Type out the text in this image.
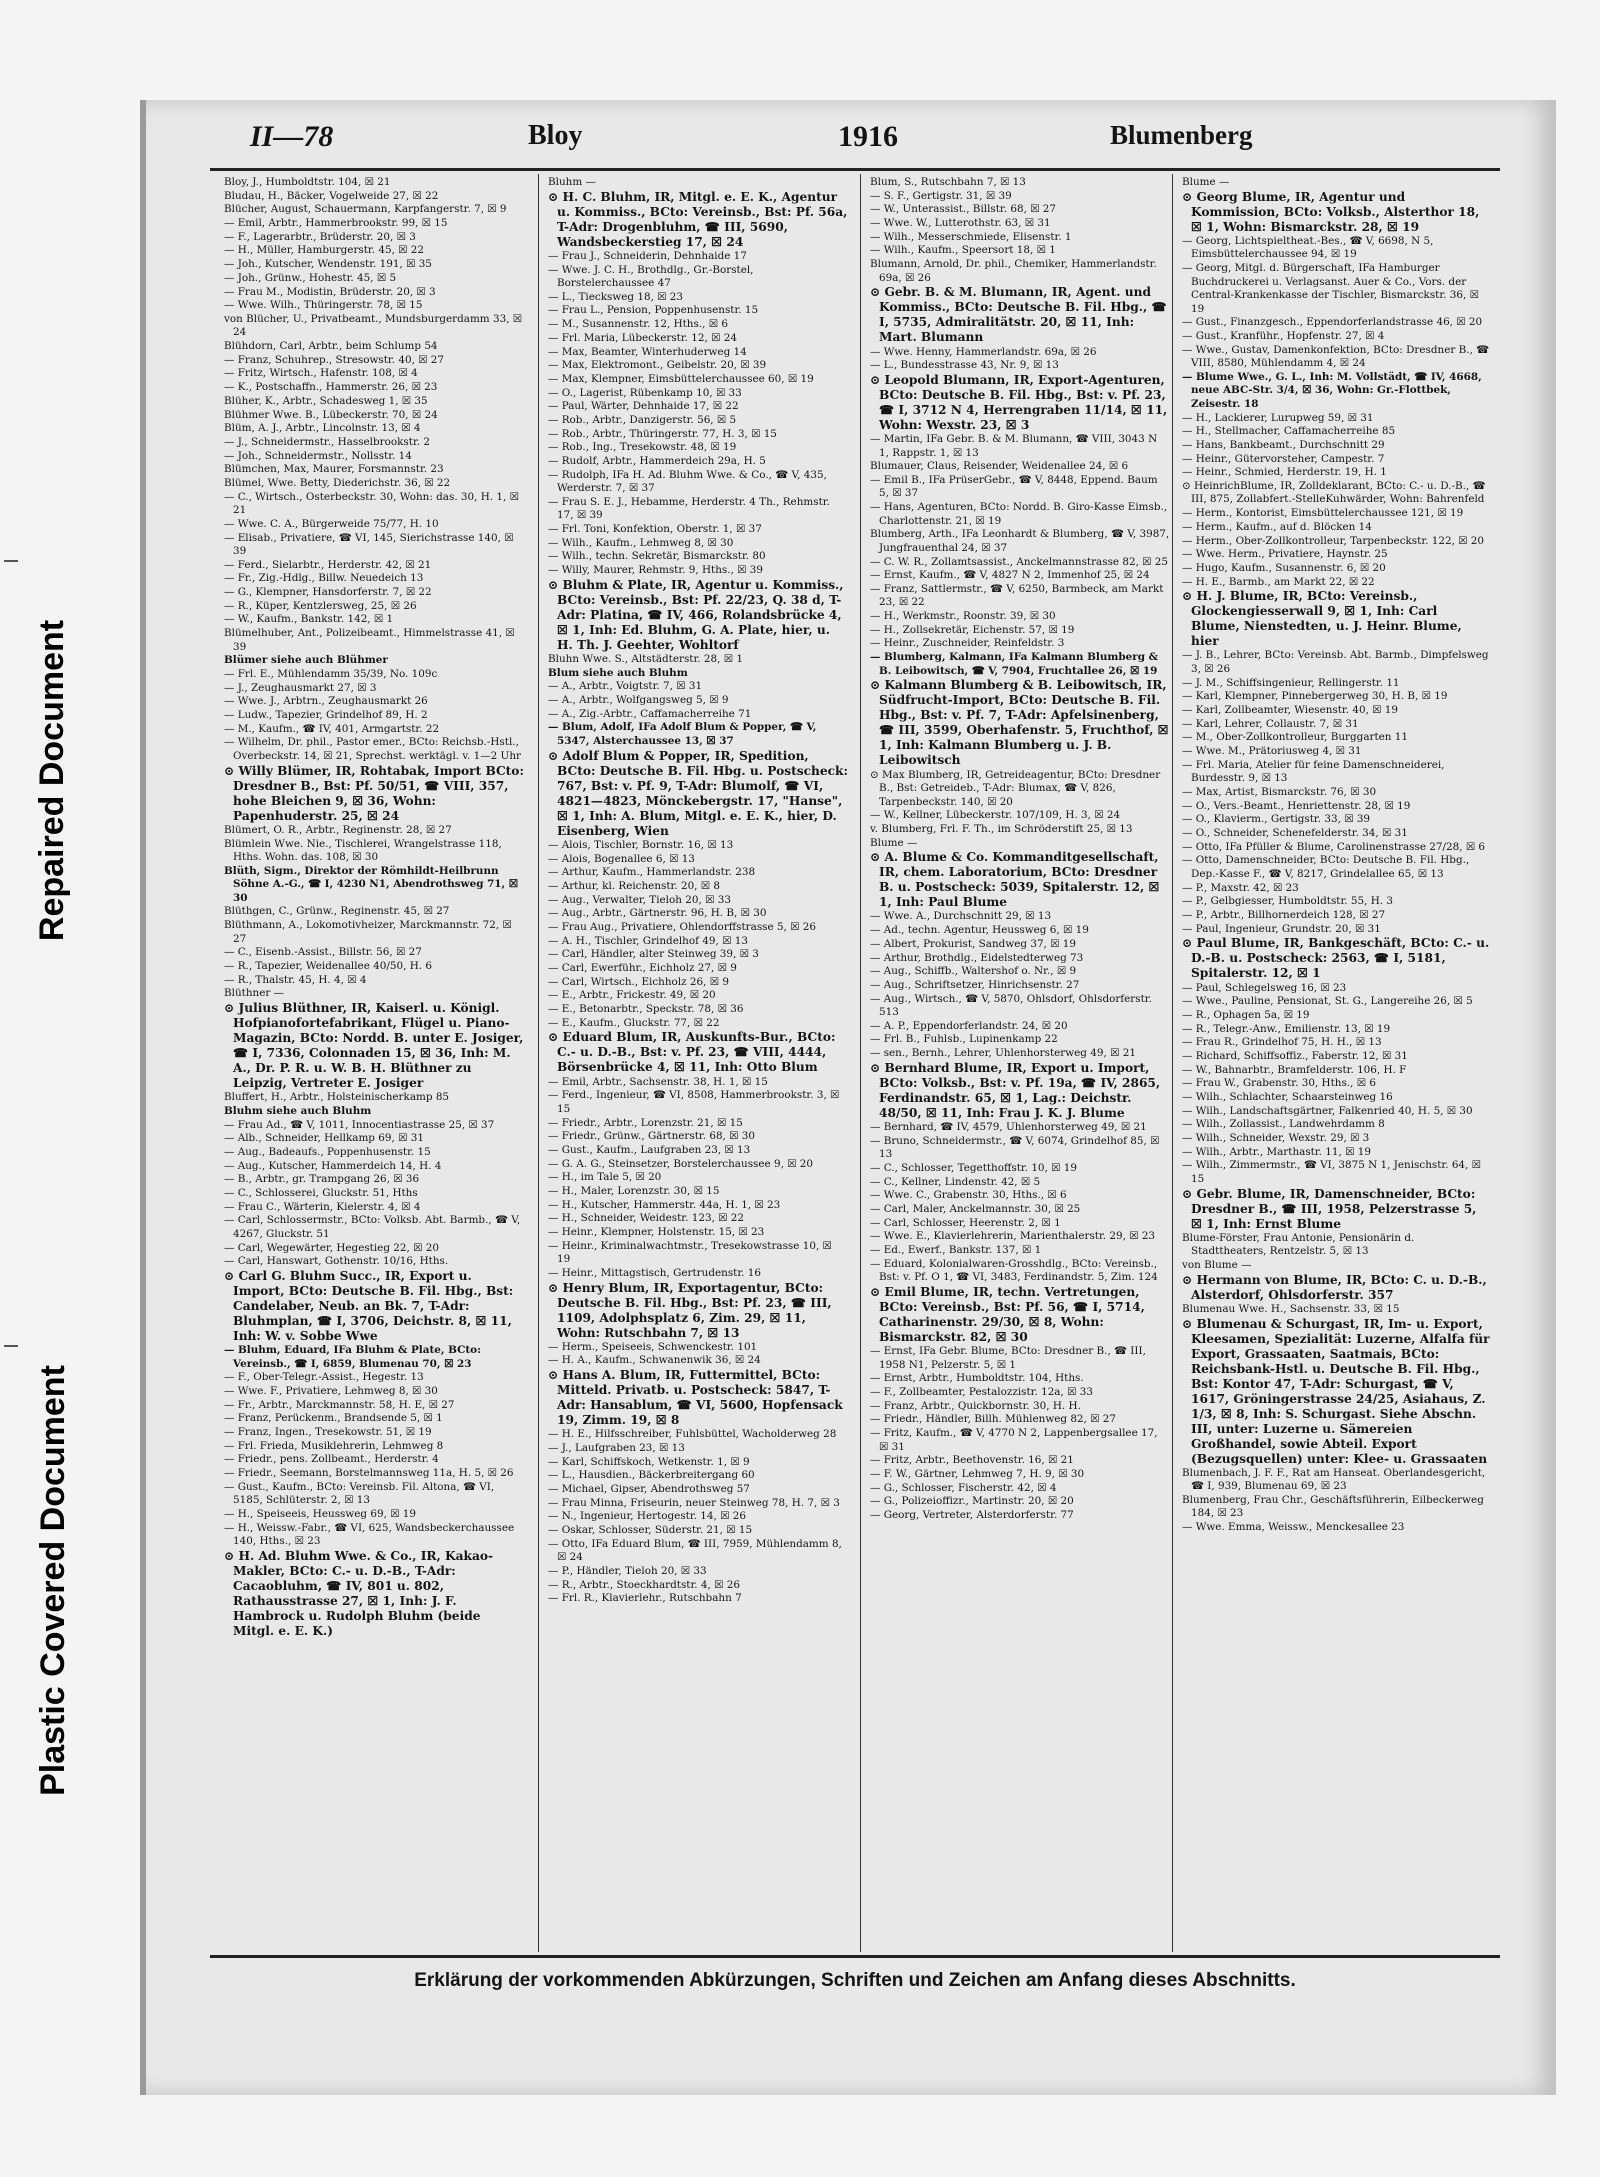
Repaired Document
Plastic Covered Document
II—78	Bloy	1916	Blumenberg
Bloy, J., Humboldtstr. 104, ☒ 21
Bludau, H., Bäcker, Vogelweide 27, ☒ 22
Blücher, August, Schauermann, Karpfangerstr. 7, ☒ 9
— Emil, Arbtr., Hammerbrookstr. 99, ☒ 15
— F., Lagerarbtr., Brüderstr. 20, ☒ 3
— H., Müller, Hamburgerstr. 45, ☒ 22
— Joh., Kutscher, Wendenstr. 191, ☒ 35
— Joh., Grünw., Hohestr. 45, ☒ 5
— Frau M., Modistin, Brüderstr. 20, ☒ 3
— Wwe. Wilh., Thüringerstr. 78, ☒ 15
von Blücher, U., Privatbeamt., Mundsburgerdamm 33, ☒ 24
Blühdorn, Carl, Arbtr., beim Schlump 54
— Franz, Schuhrep., Stresowstr. 40, ☒ 27
— Fritz, Wirtsch., Hafenstr. 108, ☒ 4
— K., Postschaffn., Hammerstr. 26, ☒ 23
Blüher, K., Arbtr., Schadesweg 1, ☒ 35
Blühmer Wwe. B., Lübeckerstr. 70, ☒ 24
Blüm, A. J., Arbtr., Lincolnstr. 13, ☒ 4
— J., Schneidermstr., Hasselbrookstr. 2
— Joh., Schneidermstr., Nollsstr. 14
Blümchen, Max, Maurer, Forsmannstr. 23
Blümel, Wwe. Betty, Diederichstr. 36, ☒ 22
— C., Wirtsch., Osterbeckstr. 30, Wohn: das. 30, H. 1, ☒ 21
— Wwe. C. A., Bürgerweide 75/77, H. 10
— Elisab., Privatiere, ☎ VI, 145, Sierichstrasse 140, ☒ 39
— Ferd., Sielarbtr., Herderstr. 42, ☒ 21
— Fr., Zig.-Hdlg., Billw. Neuedeich 13
— G., Klempner, Hansdorferstr. 7, ☒ 22
— R., Küper, Kentzlersweg, 25, ☒ 26
— W., Kaufm., Bankstr. 142, ☒ 1
Blümelhuber, Ant., Polizeibeamt., Himmelstrasse 41, ☒ 39
Blümer siehe auch Blühmer
— Frl. E., Mühlendamm 35/39, No. 109c
— J., Zeughausmarkt 27, ☒ 3
— Wwe. J., Arbtrn., Zeughausmarkt 26
— Ludw., Tapezier, Grindelhof 89, H. 2
— M., Kaufm., ☎ IV, 401, Armgartstr. 22
— Wilhelm, Dr. phil., Pastor emer., BCto: Reichsb.-Hstl., Overbeckstr. 14, ☒ 21, Sprechst. werktägl. v. 1—2 Uhr
⊙ Willy Blümer, IR, Rohtabak, Import BCto: Dresdner B., Bst: Pf. 50/51, ☎ VIII, 357, hohe Bleichen 9, ☒ 36, Wohn: Papenhuderstr. 25, ☒ 24
Blümert, O. R., Arbtr., Reginenstr. 28, ☒ 27
Blümlein Wwe. Nie., Tischlerei, Wrangelstrasse 118, Hths. Wohn. das. 108, ☒ 30
Blüth, Sigm., Direktor der Römhildt-Heilbrunn Söhne A.-G., ☎ I, 4230 N1, Abendrothsweg 71, ☒ 30
Blüthgen, C., Grünw., Reginenstr. 45, ☒ 27
Blüthmann, A., Lokomotivheizer, Marckmannstr. 72, ☒ 27
— C., Eisenb.-Assist., Billstr. 56, ☒ 27
— R., Tapezier, Weidenallee 40/50, H. 6
— R., Thalstr. 45, H. 4, ☒ 4
Blüthner —
⊙ Julius Blüthner, IR, Kaiserl. u. Königl. Hofpianofortefabrikant, Flügel u. Piano-Magazin, BCto: Nordd. B. unter E. Josiger, ☎ I, 7336, Colonnaden 15, ☒ 36, Inh: M. A., Dr. P. R. u. W. B. H. Blüthner zu Leipzig, Vertreter E. Josiger
Bluffert, H., Arbtr., Holsteinischerkamp 85
Bluhm siehe auch Bluhm
— Frau Ad., ☎ V, 1011, Innocentiastrasse 25, ☒ 37
— Alb., Schneider, Hellkamp 69, ☒ 31
— Aug., Badeaufs., Poppenhusenstr. 15
— Aug., Kutscher, Hammerdeich 14, H. 4
— B., Arbtr., gr. Trampgang 26, ☒ 36
— C., Schlosserei, Gluckstr. 51, Hths
— Frau C., Wärterin, Kielerstr. 4, ☒ 4
— Carl, Schlossermstr., BCto: Volksb. Abt. Barmb., ☎ V, 4267, Gluckstr. 51
— Carl, Wegewärter, Hegestieg 22, ☒ 20
— Carl, Hanswart, Gothenstr. 10/16, Hths.
⊙ Carl G. Bluhm Succ., IR, Export u. Import, BCto: Deutsche B. Fil. Hbg., Bst: Candelaber, Neub. an Bk. 7, T-Adr: Bluhmplan, ☎ I, 3706, Deichstr. 8, ☒ 11, Inh: W. v. Sobbe Wwe
— Bluhm, Eduard, IFa Bluhm & Plate, BCto: Vereinsb., ☎ I, 6859, Blumenau 70, ☒ 23
— F., Ober-Telegr.-Assist., Hegestr. 13
— Wwe. F., Privatiere, Lehmweg 8, ☒ 30
— Fr., Arbtr., Marckmannstr. 58, H. E, ☒ 27
— Franz, Perückenm., Brandsende 5, ☒ 1
— Franz, Ingen., Tresekowstr. 51, ☒ 19
— Frl. Frieda, Musiklehrerin, Lehmweg 8
— Friedr., pens. Zollbeamt., Herderstr. 4
— Friedr., Seemann, Borstelmannsweg 11a, H. 5, ☒ 26
— Gust., Kaufm., BCto: Vereinsb. Fil. Altona, ☎ VI, 5185, Schlüterstr. 2, ☒ 13
— H., Speiseeis, Heussweg 69, ☒ 19
— H., Weissw.-Fabr., ☎ VI, 625, Wandsbeckerchaussee 140, Hths., ☒ 23
⊙ H. Ad. Bluhm Wwe. & Co., IR, Kakao-Makler, BCto: C.- u. D.-B., T-Adr: Cacaobluhm, ☎ IV, 801 u. 802, Rathausstrasse 27, ☒ 1, Inh: J. F. Hambrock u. Rudolph Bluhm (beide Mitgl. e. E. K.)
Bluhm —
⊙ H. C. Bluhm, IR, Mitgl. e. E. K., Agentur u. Kommiss., BCto: Vereinsb., Bst: Pf. 56a, T-Adr: Drogenbluhm, ☎ III, 5690, Wandsbeckerstieg 17, ☒ 24
— Frau J., Schneiderin, Dehnhaide 17
— Wwe. J. C. H., Brothdlg., Gr.-Borstel, Borstelerchaussee 47
— L., Tiecksweg 18, ☒ 23
— Frau L., Pension, Poppenhusenstr. 15
— M., Susannenstr. 12, Hths., ☒ 6
— Frl. Maria, Lübeckerstr. 12, ☒ 24
— Max, Beamter, Winterhuderweg 14
— Max, Elektromont., Geibelstr. 20, ☒ 39
— Max, Klempner, Eimsbüttelerchaussee 60, ☒ 19
— O., Lagerist, Rübenkamp 10, ☒ 33
— Paul, Wärter, Dehnhaide 17, ☒ 22
— Rob., Arbtr., Danzigerstr. 56, ☒ 5
— Rob., Arbtr., Thüringerstr. 77, H. 3, ☒ 15
— Rob., Ing., Tresekowstr. 48, ☒ 19
— Rudolf, Arbtr., Hammerdeich 29a, H. 5
— Rudolph, IFa H. Ad. Bluhm Wwe. & Co., ☎ V, 435, Werderstr. 7, ☒ 37
— Frau S. E. J., Hebamme, Herderstr. 4 Th., Rehmstr. 17, ☒ 39
— Frl. Toni, Konfektion, Oberstr. 1, ☒ 37
— Wilh., Kaufm., Lehmweg 8, ☒ 30
— Wilh., techn. Sekretär, Bismarckstr. 80
— Willy, Maurer, Rehmstr. 9, Hths., ☒ 39
⊙ Bluhm & Plate, IR, Agentur u. Kommiss., BCto: Vereinsb., Bst: Pf. 22/23, Q. 38 d, T-Adr: Platina, ☎ IV, 466, Rolandsbrücke 4, ☒ 1, Inh: Ed. Bluhm, G. A. Plate, hier, u. H. Th. J. Geehter, Wohltorf
Bluhn Wwe. S., Altstädterstr. 28, ☒ 1
Blum siehe auch Bluhm
— A., Arbtr., Voigtstr. 7, ☒ 31
— A., Arbtr., Wolfgangsweg 5, ☒ 9
— A., Zig.-Arbtr., Caffamacherreihe 71
— Blum, Adolf, IFa Adolf Blum & Popper, ☎ V, 5347, Alsterchaussee 13, ☒ 37
⊙ Adolf Blum & Popper, IR, Spedition, BCto: Deutsche B. Fil. Hbg. u. Postscheck: 767, Bst: v. Pf. 9, T-Adr: Blumolf, ☎ VI, 4821—4823, Mönckebergstr. 17, "Hanse", ☒ 1, Inh: A. Blum, Mitgl. e. E. K., hier, D. Eisenberg, Wien
— Alois, Tischler, Bornstr. 16, ☒ 13
— Alois, Bogenallee 6, ☒ 13
— Arthur, Kaufm., Hammerlandstr. 238
— Arthur, kl. Reichenstr. 20, ☒ 8
— Aug., Verwalter, Tieloh 20, ☒ 33
— Aug., Arbtr., Gärtnerstr. 96, H. B, ☒ 30
— Frau Aug., Privatiere, Ohlendorffstrasse 5, ☒ 26
— A. H., Tischler, Grindelhof 49, ☒ 13
— Carl, Händler, alter Steinweg 39, ☒ 3
— Carl, Ewerführ., Eichholz 27, ☒ 9
— Carl, Wirtsch., Eichholz 26, ☒ 9
— E., Arbtr., Frickestr. 49, ☒ 20
— E., Betonarbtr., Speckstr. 78, ☒ 36
— E., Kaufm., Gluckstr. 77, ☒ 22
⊙ Eduard Blum, IR, Auskunfts-Bur., BCto: C.- u. D.-B., Bst: v. Pf. 23, ☎ VIII, 4444, Börsenbrücke 4, ☒ 11, Inh: Otto Blum
— Emil, Arbtr., Sachsenstr. 38, H. 1, ☒ 15
— Ferd., Ingenieur, ☎ VI, 8508, Hammerbrookstr. 3, ☒ 15
— Friedr., Arbtr., Lorenzstr. 21, ☒ 15
— Friedr., Grünw., Gärtnerstr. 68, ☒ 30
— Gust., Kaufm., Laufgraben 23, ☒ 13
— G. A. G., Steinsetzer, Borstelerchaussee 9, ☒ 20
— H., im Tale 5, ☒ 20
— H., Maler, Lorenzstr. 30, ☒ 15
— H., Kutscher, Hammerstr. 44a, H. 1, ☒ 23
— H., Schneider, Weidestr. 123, ☒ 22
— Heinr., Klempner, Holstenstr. 15, ☒ 23
— Heinr., Kriminalwachtmstr., Tresekowstrasse 10, ☒ 19
— Heinr., Mittagstisch, Gertrudenstr. 16
⊙ Henry Blum, IR, Exportagentur, BCto: Deutsche B. Fil. Hbg., Bst: Pf. 23, ☎ III, 1109, Adolphsplatz 6, Zim. 29, ☒ 11, Wohn: Rutschbahn 7, ☒ 13
— Herm., Speiseeis, Schwenckestr. 101
— H. A., Kaufm., Schwanenwik 36, ☒ 24
⊙ Hans A. Blum, IR, Futtermittel, BCto: Mitteld. Privatb. u. Postscheck: 5847, T-Adr: Hansablum, ☎ VI, 5600, Hopfensack 19, Zimm. 19, ☒ 8
— H. E., Hilfsschreiber, Fuhlsbüttel, Wacholderweg 28
— J., Laufgraben 23, ☒ 13
— Karl, Schiffskoch, Wetkenstr. 1, ☒ 9
— L., Hausdien., Bäckerbreitergang 60
— Michael, Gipser, Abendrothsweg 57
— Frau Minna, Friseurin, neuer Steinweg 78, H. 7, ☒ 3
— N., Ingenieur, Hertogestr. 14, ☒ 26
— Oskar, Schlosser, Süderstr. 21, ☒ 15
— Otto, IFa Eduard Blum, ☎ III, 7959, Mühlendamm 8, ☒ 24
— P., Händler, Tieloh 20, ☒ 33
— R., Arbtr., Stoeckhardtstr. 4, ☒ 26
— Frl. R., Klavierlehr., Rutschbahn 7
Blum, S., Rutschbahn 7, ☒ 13
— S. F., Gertigstr. 31, ☒ 39
— W., Unterassist., Billstr. 68, ☒ 27
— Wwe. W., Lutterothstr. 63, ☒ 31
— Wilh., Messerschmiede, Elisenstr. 1
— Wilh., Kaufm., Speersort 18, ☒ 1
Blumann, Arnold, Dr. phil., Chemiker, Hammerlandstr. 69a, ☒ 26
⊙ Gebr. B. & M. Blumann, IR, Agent. und Kommiss., BCto: Deutsche B. Fil. Hbg., ☎ I, 5735, Admiralitätstr. 20, ☒ 11, Inh: Mart. Blumann
— Wwe. Henny, Hammerlandstr. 69a, ☒ 26
— L., Bundesstrasse 43, Nr. 9, ☒ 13
⊙ Leopold Blumann, IR, Export-Agenturen, BCto: Deutsche B. Fil. Hbg., Bst: v. Pf. 23, ☎ I, 3712 N 4, Herrengraben 11/14, ☒ 11, Wohn: Wexstr. 23, ☒ 3
— Martin, IFa Gebr. B. & M. Blumann, ☎ VIII, 3043 N 1, Rappstr. 1, ☒ 13
Blumauer, Claus, Reisender, Weidenallee 24, ☒ 6
— Emil B., IFa PrüserGebr., ☎ V, 8448, Eppend. Baum 5, ☒ 37
— Hans, Agenturen, BCto: Nordd. B. Giro-Kasse Eimsb., Charlottenstr. 21, ☒ 19
Blumberg, Arth., IFa Leonhardt & Blumberg, ☎ V, 3987, Jungfrauenthal 24, ☒ 37
— C. W. R., Zollamtsassist., Anckelmannstrasse 82, ☒ 25
— Ernst, Kaufm., ☎ V, 4827 N 2, Immenhof 25, ☒ 24
— Franz, Sattlermstr., ☎ V, 6250, Barmbeck, am Markt 23, ☒ 22
— H., Werkmstr., Roonstr. 39, ☒ 30
— H., Zollsekretär, Eichenstr. 57, ☒ 19
— Heinr., Zuschneider, Reinfeldstr. 3
— Blumberg, Kalmann, IFa Kalmann Blumberg & B. Leibowitsch, ☎ V, 7904, Fruchtallee 26, ☒ 19
⊙ Kalmann Blumberg & B. Leibowitsch, IR, Südfrucht-Import, BCto: Deutsche B. Fil. Hbg., Bst: v. Pf. 7, T-Adr: Apfelsinenberg, ☎ III, 3599, Oberhafenstr. 5, Fruchthof, ☒ 1, Inh: Kalmann Blumberg u. J. B. Leibowitsch
⊙ Max Blumberg, IR, Getreideagentur, BCto: Dresdner B., Bst: Getreideb., T-Adr: Blumax, ☎ V, 826, Tarpenbeckstr. 140, ☒ 20
— W., Kellner, Lübeckerstr. 107/109, H. 3, ☒ 24
v. Blumberg, Frl. F. Th., im Schröderstift 25, ☒ 13
Blume —
⊙ A. Blume & Co. Kommanditgesellschaft, IR, chem. Laboratorium, BCto: Dresdner B. u. Postscheck: 5039, Spitalerstr. 12, ☒ 1, Inh: Paul Blume
— Wwe. A., Durchschnitt 29, ☒ 13
— Ad., techn. Agentur, Heussweg 6, ☒ 19
— Albert, Prokurist, Sandweg 37, ☒ 19
— Arthur, Brothdlg., Eidelstedterweg 73
— Aug., Schiffb., Waltershof o. Nr., ☒ 9
— Aug., Schriftsetzer, Hinrichsenstr. 27
— Aug., Wirtsch., ☎ V, 5870, Ohlsdorf, Ohlsdorferstr. 513
— A. P., Eppendorferlandstr. 24, ☒ 20
— Frl. B., Fuhlsb., Lupinenkamp 22
— sen., Bernh., Lehrer, Uhlenhorsterweg 49, ☒ 21
⊙ Bernhard Blume, IR, Export u. Import, BCto: Volksb., Bst: v. Pf. 19a, ☎ IV, 2865, Ferdinandstr. 65, ☒ 1, Lag.: Deichstr. 48/50, ☒ 11, Inh: Frau J. K. J. Blume
— Bernhard, ☎ IV, 4579, Uhlenhorsterweg 49, ☒ 21
— Bruno, Schneidermstr., ☎ V, 6074, Grindelhof 85, ☒ 13
— C., Schlosser, Tegetthoffstr. 10, ☒ 19
— C., Kellner, Lindenstr. 42, ☒ 5
— Wwe. C., Grabenstr. 30, Hths., ☒ 6
— Carl, Maler, Anckelmannstr. 30, ☒ 25
— Carl, Schlosser, Heerenstr. 2, ☒ 1
— Wwe. E., Klavierlehrerin, Marienthalerstr. 29, ☒ 23
— Ed., Ewerf., Bankstr. 137, ☒ 1
— Eduard, Kolonialwaren-Grosshdlg., BCto: Vereinsb., Bst: v. Pf. O 1, ☎ VI, 3483, Ferdinandstr. 5, Zim. 124
⊙ Emil Blume, IR, techn. Vertretungen, BCto: Vereinsb., Bst: Pf. 56, ☎ I, 5714, Catharinenstr. 29/30, ☒ 8, Wohn: Bismarckstr. 82, ☒ 30
— Ernst, IFa Gebr. Blume, BCto: Dresdner B., ☎ III, 1958 N1, Pelzerstr. 5, ☒ 1
— Ernst, Arbtr., Humboldtstr. 104, Hths.
— F., Zollbeamter, Pestalozzistr. 12a, ☒ 33
— Franz, Arbtr., Quickbornstr. 30, H. H.
— Friedr., Händler, Billh. Mühlenweg 82, ☒ 27
— Fritz, Kaufm., ☎ V, 4770 N 2, Lappenbergsallee 17, ☒ 31
— Fritz, Arbtr., Beethovenstr. 16, ☒ 21
— F. W., Gärtner, Lehmweg 7, H. 9, ☒ 30
— G., Schlosser, Fischerstr. 42, ☒ 4
— G., Polizeioffizr., Martinstr. 20, ☒ 20
— Georg, Vertreter, Alsterdorferstr. 77
Blume —
⊙ Georg Blume, IR, Agentur und Kommission, BCto: Volksb., Alsterthor 18, ☒ 1, Wohn: Bismarckstr. 28, ☒ 19
— Georg, Lichtspieltheat.-Bes., ☎ V, 6698, N 5, Eimsbüttelerchaussee 94, ☒ 19
— Georg, Mitgl. d. Bürgerschaft, IFa Hamburger Buchdruckerei u. Verlagsanst. Auer & Co., Vors. der Central-Krankenkasse der Tischler, Bismarckstr. 36, ☒ 19
— Gust., Finanzgesch., Eppendorferlandstrasse 46, ☒ 20
— Gust., Kranführ., Hopfenstr. 27, ☒ 4
— Wwe., Gustav, Damenkonfektion, BCto: Dresdner B., ☎ VIII, 8580, Mühlendamm 4, ☒ 24
— Blume Wwe., G. L., Inh: M. Vollstädt, ☎ IV, 4668, neue ABC-Str. 3/4, ☒ 36, Wohn: Gr.-Flottbek, Zeisestr. 18
— H., Lackierer, Lurupweg 59, ☒ 31
— H., Stellmacher, Caffamacherreihe 85
— Hans, Bankbeamt., Durchschnitt 29
— Heinr., Gütervorsteher, Campestr. 7
— Heinr., Schmied, Herderstr. 19, H. 1
⊙ HeinrichBlume, IR, Zolldeklarant, BCto: C.- u. D.-B., ☎ III, 875, Zollabfert.-StelleKuhwärder, Wohn: Bahrenfeld
— Herm., Kontorist, Eimsbüttelerchaussee 121, ☒ 19
— Herm., Kaufm., auf d. Blöcken 14
— Herm., Ober-Zollkontrolleur, Tarpenbeckstr. 122, ☒ 20
— Wwe. Herm., Privatiere, Haynstr. 25
— Hugo, Kaufm., Susannenstr. 6, ☒ 20
— H. E., Barmb., am Markt 22, ☒ 22
⊙ H. J. Blume, IR, BCto: Vereinsb., Glockengiesserwall 9, ☒ 1, Inh: Carl Blume, Nienstedten, u. J. Heinr. Blume, hier
— J. B., Lehrer, BCto: Vereinsb. Abt. Barmb., Dimpfelsweg 3, ☒ 26
— J. M., Schiffsingenieur, Rellingerstr. 11
— Karl, Klempner, Pinnebergerweg 30, H. B, ☒ 19
— Karl, Zollbeamter, Wiesenstr. 40, ☒ 19
— Karl, Lehrer, Collaustr. 7, ☒ 31
— M., Ober-Zollkontrolleur, Burggarten 11
— Wwe. M., Prätoriusweg 4, ☒ 31
— Frl. Maria, Atelier für feine Damenschneiderei, Burdesstr. 9, ☒ 13
— Max, Artist, Bismarckstr. 76, ☒ 30
— O., Vers.-Beamt., Henriettenstr. 28, ☒ 19
— O., Klavierm., Gertigstr. 33, ☒ 39
— O., Schneider, Schenefelderstr. 34, ☒ 31
— Otto, IFa Pfüller & Blume, Carolinenstrasse 27/28, ☒ 6
— Otto, Damenschneider, BCto: Deutsche B. Fil. Hbg., Dep.-Kasse F., ☎ V, 8217, Grindelallee 65, ☒ 13
— P., Maxstr. 42, ☒ 23
— P., Gelbgiesser, Humboldtstr. 55, H. 3
— P., Arbtr., Billhornerdeich 128, ☒ 27
— Paul, Ingenieur, Grundstr. 20, ☒ 31
⊙ Paul Blume, IR, Bankgeschäft, BCto: C.- u. D.-B. u. Postscheck: 2563, ☎ I, 5181, Spitalerstr. 12, ☒ 1
— Paul, Schlegelsweg 16, ☒ 23
— Wwe., Pauline, Pensionat, St. G., Langereihe 26, ☒ 5
— R., Ophagen 5a, ☒ 19
— R., Telegr.-Anw., Emilienstr. 13, ☒ 19
— Frau R., Grindelhof 75, H. H., ☒ 13
— Richard, Schiffsoffiz., Faberstr. 12, ☒ 31
— W., Bahnarbtr., Bramfelderstr. 106, H. F
— Frau W., Grabenstr. 30, Hths., ☒ 6
— Wilh., Schlachter, Schaarsteinweg 16
— Wilh., Landschaftsgärtner, Falkenried 40, H. 5, ☒ 30
— Wilh., Zollassist., Landwehrdamm 8
— Wilh., Schneider, Wexstr. 29, ☒ 3
— Wilh., Arbtr., Marthastr. 11, ☒ 19
— Wilh., Zimmermstr., ☎ VI, 3875 N 1, Jenischstr. 64, ☒ 15
⊙ Gebr. Blume, IR, Damenschneider, BCto: Dresdner B., ☎ III, 1958, Pelzerstrasse 5, ☒ 1, Inh: Ernst Blume
Blume-Förster, Frau Antonie, Pensionärin d. Stadttheaters, Rentzelstr. 5, ☒ 13
von Blume —
⊙ Hermann von Blume, IR, BCto: C. u. D.-B., Alsterdorf, Ohlsdorferstr. 357
Blumenau Wwe. H., Sachsenstr. 33, ☒ 15
⊙ Blumenau & Schurgast, IR, Im- u. Export, Kleesamen, Spezialität: Luzerne, Alfalfa für Export, Grassaaten, Saatmais, BCto: Reichsbank-Hstl. u. Deutsche B. Fil. Hbg., Bst: Kontor 47, T-Adr: Schurgast, ☎ V, 1617, Gröningerstrasse 24/25, Asiahaus, Z. 1/3, ☒ 8, Inh: S. Schurgast. Siehe Abschn. III, unter: Luzerne u. Sämereien Großhandel, sowie Abteil. Export (Bezugsquellen) unter: Klee- u. Grassaaten
Blumenbach, J. F. F., Rat am Hanseat. Oberlandesgericht, ☎ I, 939, Blumenau 69, ☒ 23
Blumenberg, Frau Chr., Geschäftsführerin, Eilbeckerweg 184, ☒ 23
— Wwe. Emma, Weissw., Menckesallee 23
Erklärung der vorkommenden Abkürzungen, Schriften und Zeichen am Anfang dieses Abschnitts.
